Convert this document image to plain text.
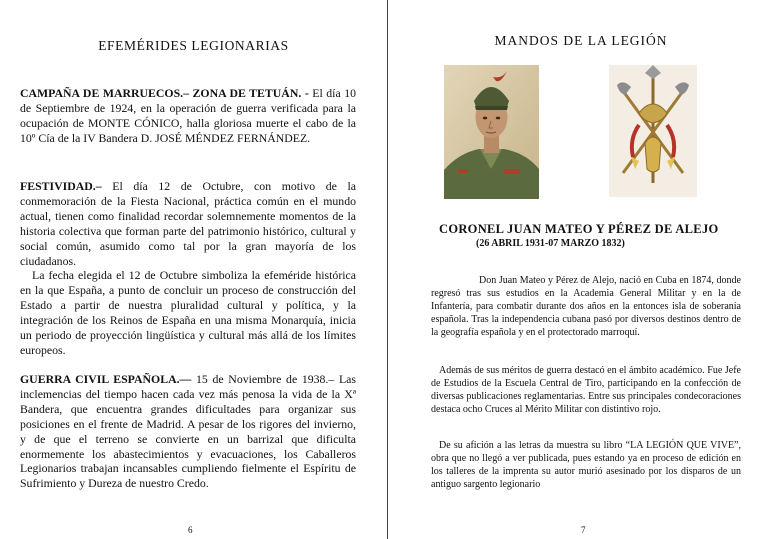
EFEMÉRIDES LEGIONARIAS
CAMPAÑA DE MARRUECOS.– ZONA DE TETUÁN. - El día 10 de Septiembre de 1924, en la operación de guerra verificada para la ocupación de MONTE CÓNICO, halla gloriosa muerte el cabo de la 10º Cía de la IV Bandera D. JOSÉ MÉNDEZ FERNÁNDEZ.
FESTIVIDAD.– El día 12 de Octubre, con motivo de la conmemoración de la Fiesta Nacional, práctica común en el mundo actual, tienen como finalidad recordar solemnemente momentos de la historia colectiva que forman parte del patrimonio histórico, cultural y social común, asumido como tal por la gran mayoría de los ciudadanos.
La fecha elegida el 12 de Octubre simboliza la efeméride histórica en la que España, a punto de concluir un proceso de construcción del Estado a partir de nuestra pluralidad cultural y política, y la integración de los Reinos de España en una misma Monarquía, inicia un periodo de proyección lingüística y cultural más allá de los límites europeos.
GUERRA CIVIL ESPAÑOLA.— 15 de Noviembre de 1938.– Las inclemencias del tiempo hacen cada vez más penosa la vida de la Xª Bandera, que encuentra grandes dificultades para organizar sus posiciones en el frente de Madrid. A pesar de los rigores del invierno, y de que el terreno se convierte en un barrizal que dificulta enormemente los abastecimientos y evacuaciones, los Caballeros Legionarios trabajan incansables cumpliendo fielmente el Espíritu de Sufrimiento y Dureza de nuestro Credo.
6
MANDOS DE LA LEGIÓN
CORONEL JUAN MATEO Y PÉREZ DE ALEJO
(26 ABRIL 1931-07 MARZO 1832)
Don Juan Mateo y Pérez de Alejo, nació en Cuba en 1874, donde regresó tras sus estudios en la Academia General Militar y en la de Infantería, para combatir durante dos años en la entonces isla de soberanía española. Tras la independencia cubana pasó por diversos destinos dentro de la geografía española y en el protectorado marroquí.
Además de sus méritos de guerra destacó en el ámbito académico. Fue Jefe de Estudios de la Escuela Central de Tiro, participando en la confección de diversas publicaciones reglamentarias. Entre sus principales condecoraciones destaca ocho Cruces al Mérito Militar con distintivo rojo.
De su afición a las letras da muestra su libro “LA LEGIÓN QUE VIVE”, obra que no llegó a ver publicada, pues estando ya en proceso de edición en los talleres de la imprenta su autor murió asesinado por los disparos de un antiguo sargento legionario
7
